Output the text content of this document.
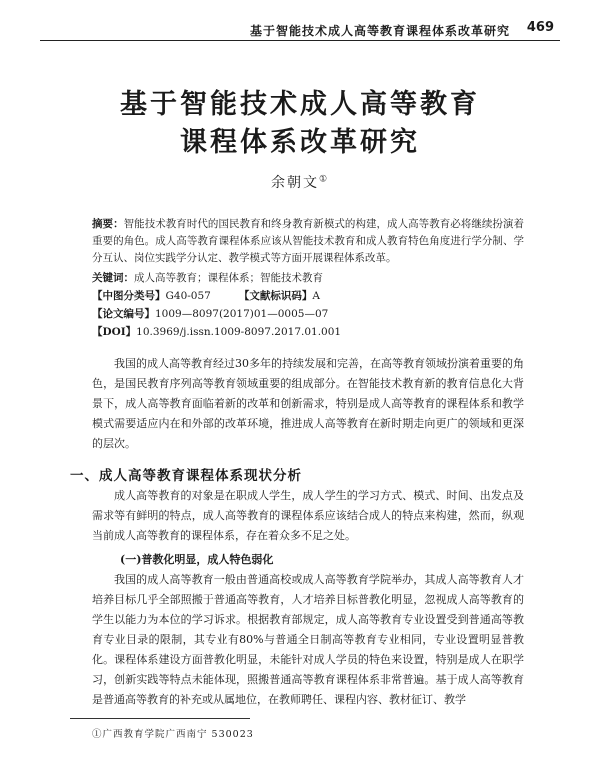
基于智能技术成人高等教育课程体系改革研究 469
基于智能技术成人高等教育
课程体系改革研究
余朝文①
摘要：智能技术教育时代的国民教育和终身教育新模式的构建，成人高等教育必将继续扮演着重要的角色。成人高等教育课程体系应该从智能技术教育和成人教育特色角度进行学分制、学分互认、岗位实践学分认定、教学模式等方面开展课程体系改革。
关键词：成人高等教育；课程体系；智能技术教育
【中图分类号】G40-057	【文献标识码】A
【论文编号】1009—8097(2017)01—0005—07
【DOI】10.3969/j.issn.1009-8097.2017.01.001
我国的成人高等教育经过30多年的持续发展和完善，在高等教育领域扮演着重要的角色，是国民教育序列高等教育领域重要的组成部分。在智能技术教育新的教育信息化大背景下，成人高等教育面临着新的改革和创新需求，特别是成人高等教育的课程体系和教学模式需要适应内在和外部的改革环境，推进成人高等教育在新时期走向更广的领域和更深的层次。
一、成人高等教育课程体系现状分析
成人高等教育的对象是在职成人学生，成人学生的学习方式、模式、时间、出发点及需求等有鲜明的特点，成人高等教育的课程体系应该结合成人的特点来构建，然而，纵观当前成人高等教育的课程体系，存在着众多不足之处。
(一)普教化明显，成人特色弱化
我国的成人高等教育一般由普通高校或成人高等教育学院举办，其成人高等教育人才培养目标几乎全部照搬于普通高等教育，人才培养目标普教化明显，忽视成人高等教育的学生以能力为本位的学习诉求。根据教育部规定，成人高等教育专业设置受到普通高等教育专业目录的限制，其专业有80%与普通全日制高等教育专业相同，专业设置明显普教化。课程体系建设方面普教化明显，未能针对成人学员的特色来设置，特别是成人在职学习，创新实践等特点未能体现，照搬普通高等教育课程体系非常普遍。基于成人高等教育是普通高等教育的补充或从属地位，在教师聘任、课程内容、教材征订、教学
①广西教育学院广西南宁 530023
